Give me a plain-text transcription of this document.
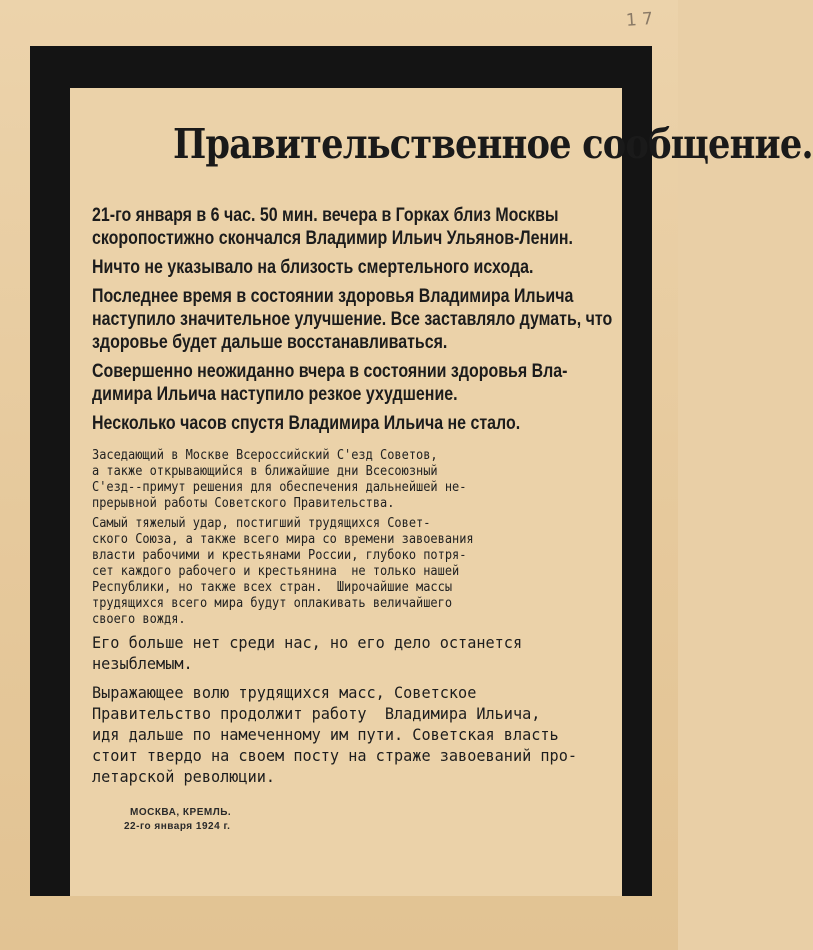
1 7
Правительственное сообщение.

21-го января в 6 час. 50 мин. вечера в Горках близ Москвы
скоропостижно скончался Владимир Ильич Ульянов-Ленин.

Ничто не указывало на близость смертельного исхода.

Последнее время в состоянии здоровья Владимира Ильича
наступило значительное улучшение. Все заставляло думать, что
здоровье будет дальше восстанавливаться.

Совершенно неожиданно вчера в состоянии здоровья Вла-
димира Ильича наступило резкое ухудшение.

Несколько часов спустя Владимира Ильича не стало.

Заседающий в Москве Всероссийский С'езд Советов,
а также открывающийся в ближайшие дни Всесоюзный
С'езд--примут решения для обеспечения дальнейшей не-
прерывной работы Советского Правительства.

Самый тяжелый удар, постигший трудящихся Совет-
ского Союза, а также всего мира со времени завоевания
власти рабочими и крестьянами России, глубоко потря-
сет каждого рабочего и крестьянина  не только нашей
Республики, но также всех стран.  Широчайшие массы
трудящихся всего мира будут оплакивать величайшего
своего вождя.

Его больше нет среди нас, но его дело останется
незыблемым.

Выражающее волю трудящихся масс, Советское
Правительство продолжит работу  Владимира Ильича,
идя дальше по намеченному им пути. Советская власть
стоит твердо на своем посту на страже завоеваний про-
летарской революции.

МОСКВА, КРЕМЛЬ.
22-го января 1924 г.
